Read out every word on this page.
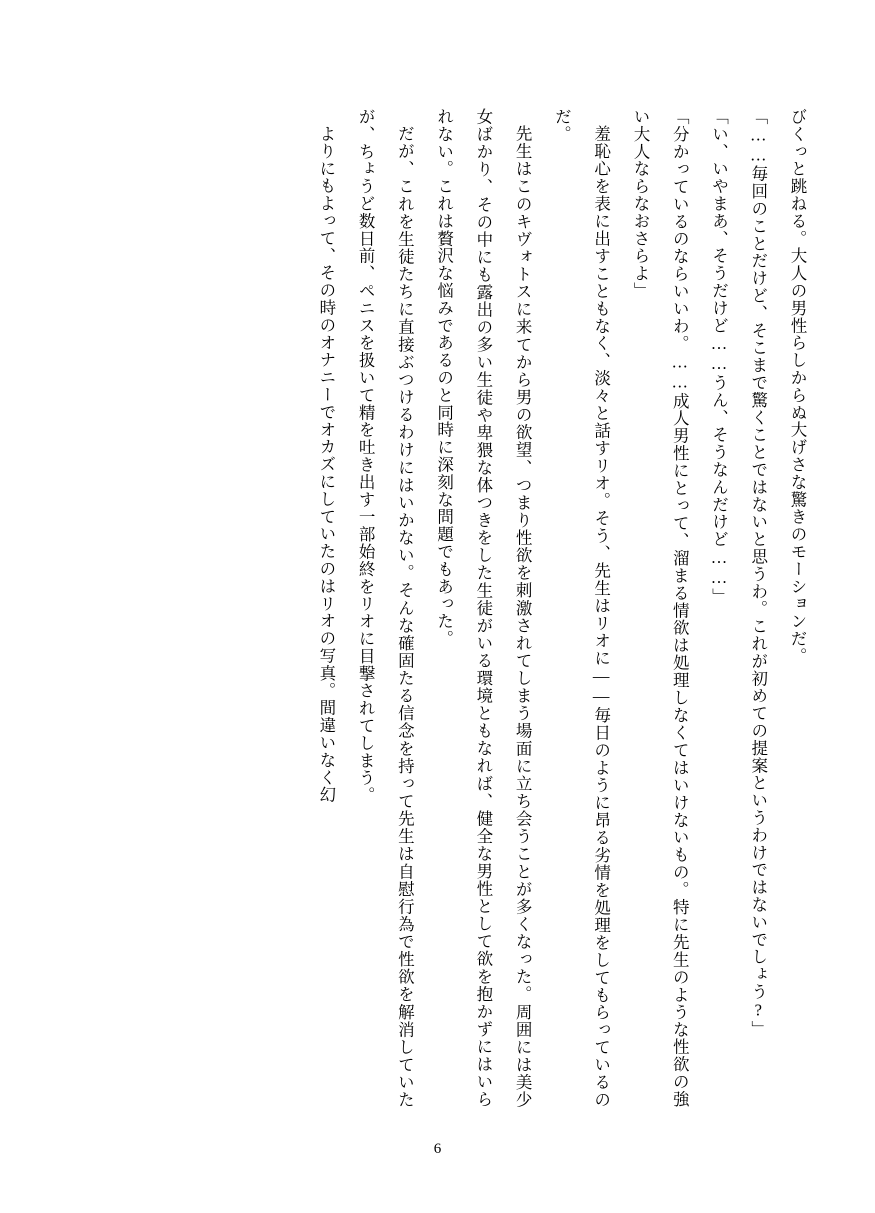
びくっと跳ねる。大人の男性らしからぬ大げさな驚きのモーションだ。

「……毎回のことだけど、そこまで驚くことではないと思うわ。これが初めての提案というわけではないでしょう?」

「い、いやまあ、そうだけど……うん、そうなんだけど……」

「分かっているのならいいわ。……成人男性にとって、溜まる情欲は処理しなくてはいけないもの。特に先生のような性欲の強い大人ならなおさらよ」

羞恥心を表に出すこともなく、淡々と話すリオ。そう、先生はリオに――毎日のように昂る劣情を処理をしてもらっているのだ。

先生はこのキヴォトスに来てから男の欲望、つまり性欲を刺激されてしまう場面に立ち会うことが多くなった。周囲には美少女ばかり、その中にも露出の多い生徒や卑猥な体つきをした生徒がいる環境ともなれば、健全な男性として欲を抱かずにはいられない。これは贅沢な悩みであるのと同時に深刻な問題でもあった。

だが、これを生徒たちに直接ぶつけるわけにはいかない。そんな確固たる信念を持って先生は自慰行為で性欲を解消していたが、ちょうど数日前、ペニスを扱いて精を吐き出す一部始終をリオに目撃されてしまう。

よりにもよって、その時のオナニーでオカズにしていたのはリオの写真。間違いなく幻

6
